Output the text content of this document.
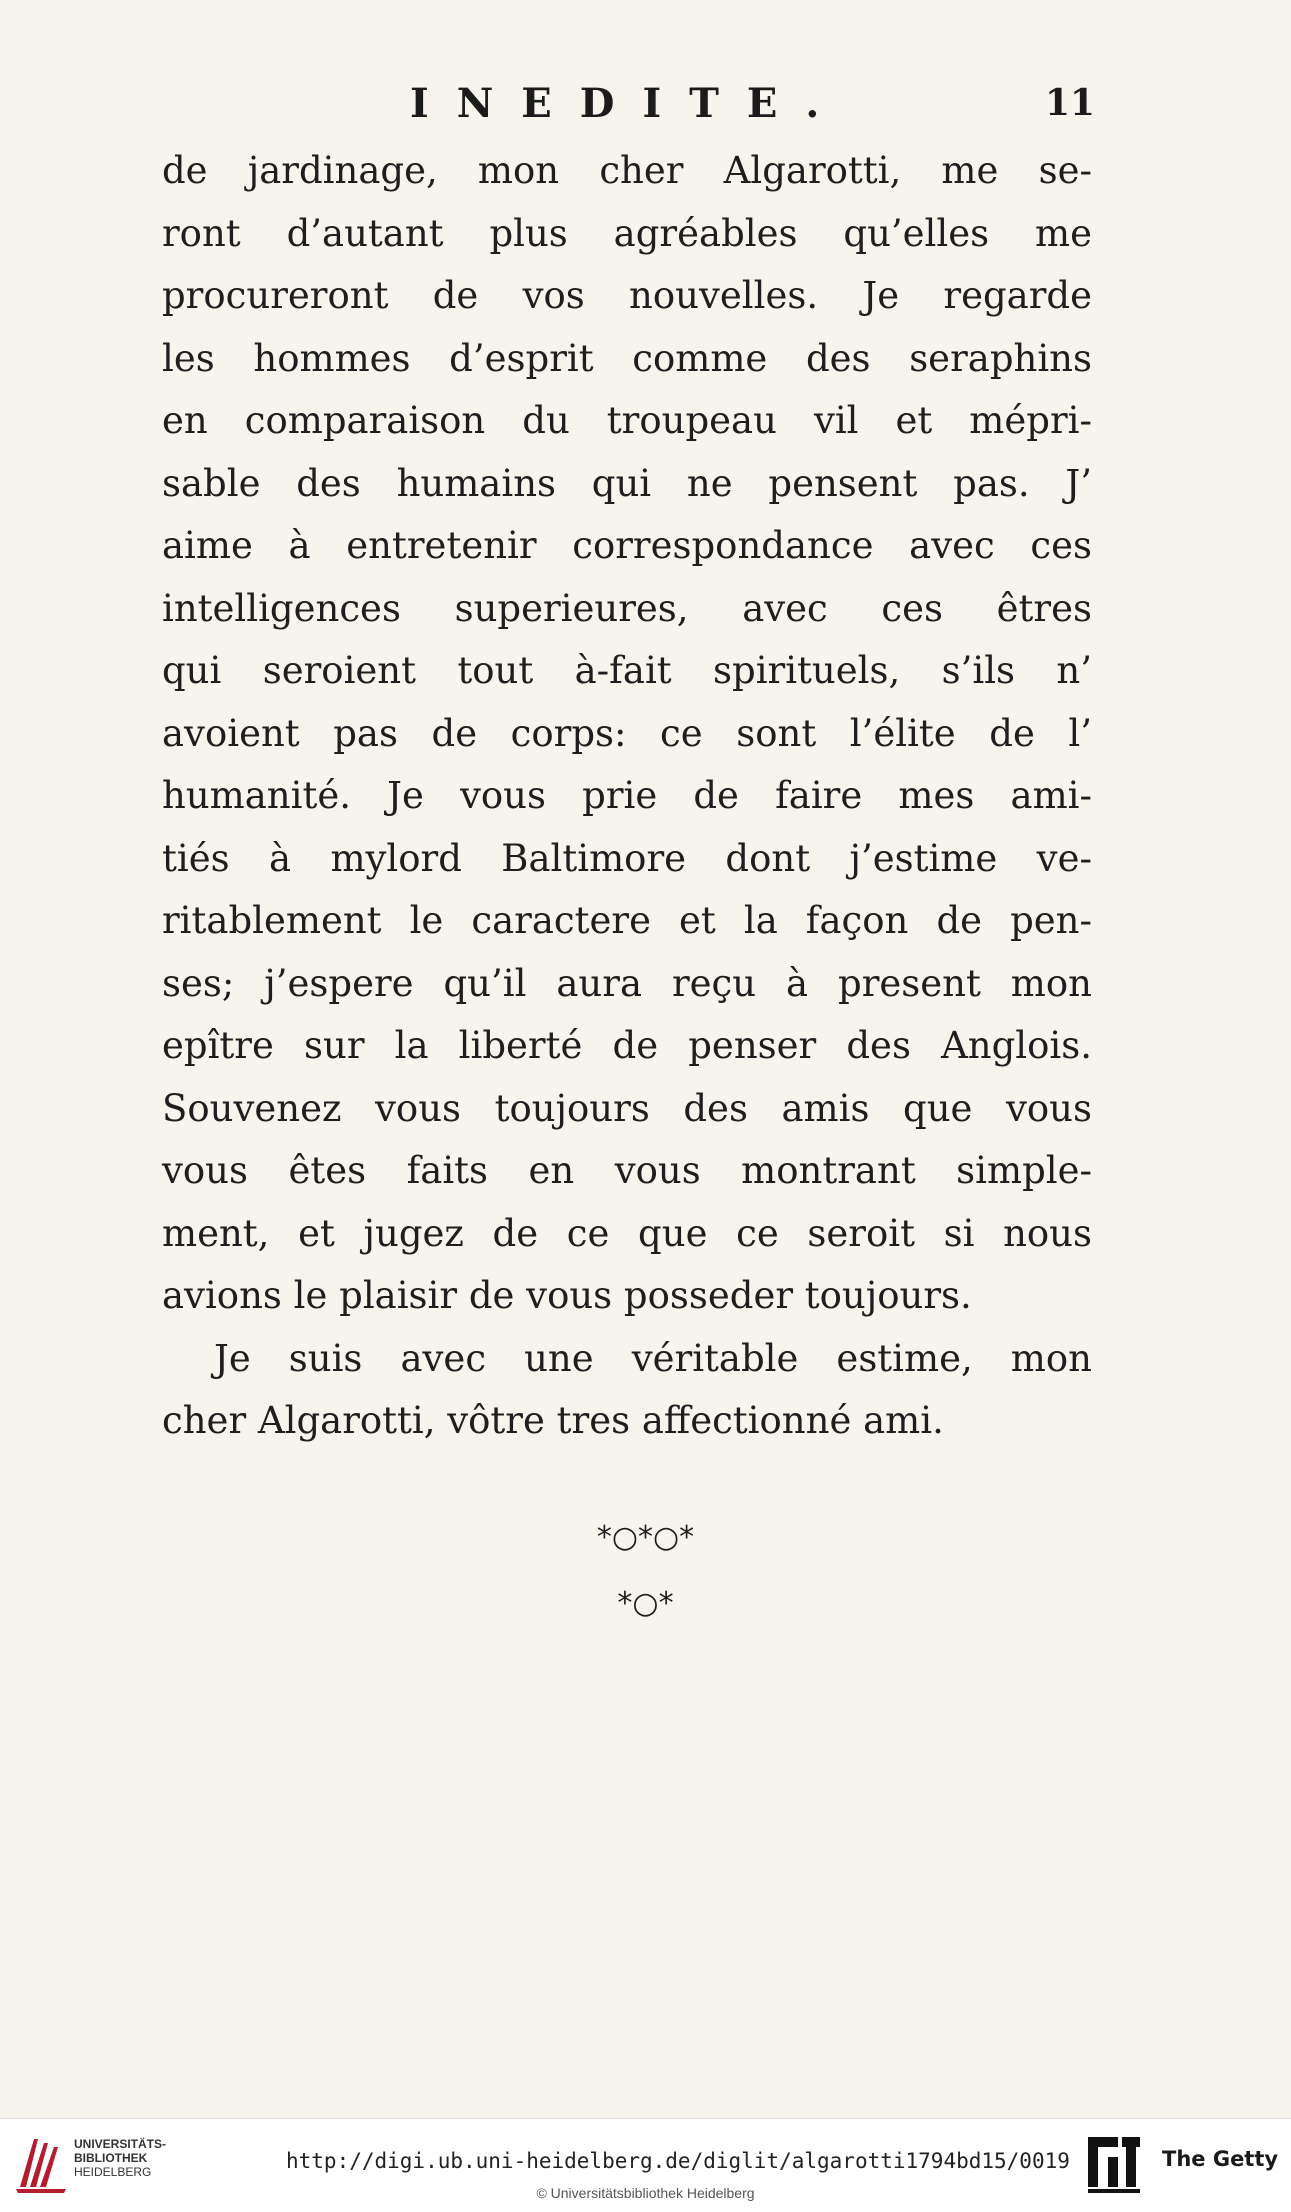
INEDITE.	11
de jardinage, mon cher Algarotti, me se-
ront d’autant plus agréables qu’elles me
procureront de vos nouvelles. Je regarde
les hommes d’esprit comme des seraphins
en comparaison du troupeau vil et mépri-
sable des humains qui ne pensent pas. J’
aime à entretenir correspondance avec ces
intelligences superieures, avec ces êtres
qui seroient tout à-fait spirituels, s’ils n’
avoient pas de corps: ce sont l’élite de l’
humanité. Je vous prie de faire mes ami-
tiés à mylord Baltimore dont j’estime ve-
ritablement le caractere et la façon de pen-
ses; j’espere qu’il aura reçu à present mon
epître sur la liberté de penser des Anglois.
Souvenez vous toujours des amis que vous
vous êtes faits en vous montrant simple-
ment, et jugez de ce que ce seroit si nous
avions le plaisir de vous posseder toujours.
Je suis avec une véritable estime, mon
cher Algarotti, vôtre tres affectionné ami.
*○*○*
*○*
UNIVERSITÄTS-
BIBLIOTHEK
HEIDELBERG	http://digi.ub.uni-heidelberg.de/diglit/algarotti1794bd15/0019
© Universitätsbibliothek Heidelberg
The Getty
